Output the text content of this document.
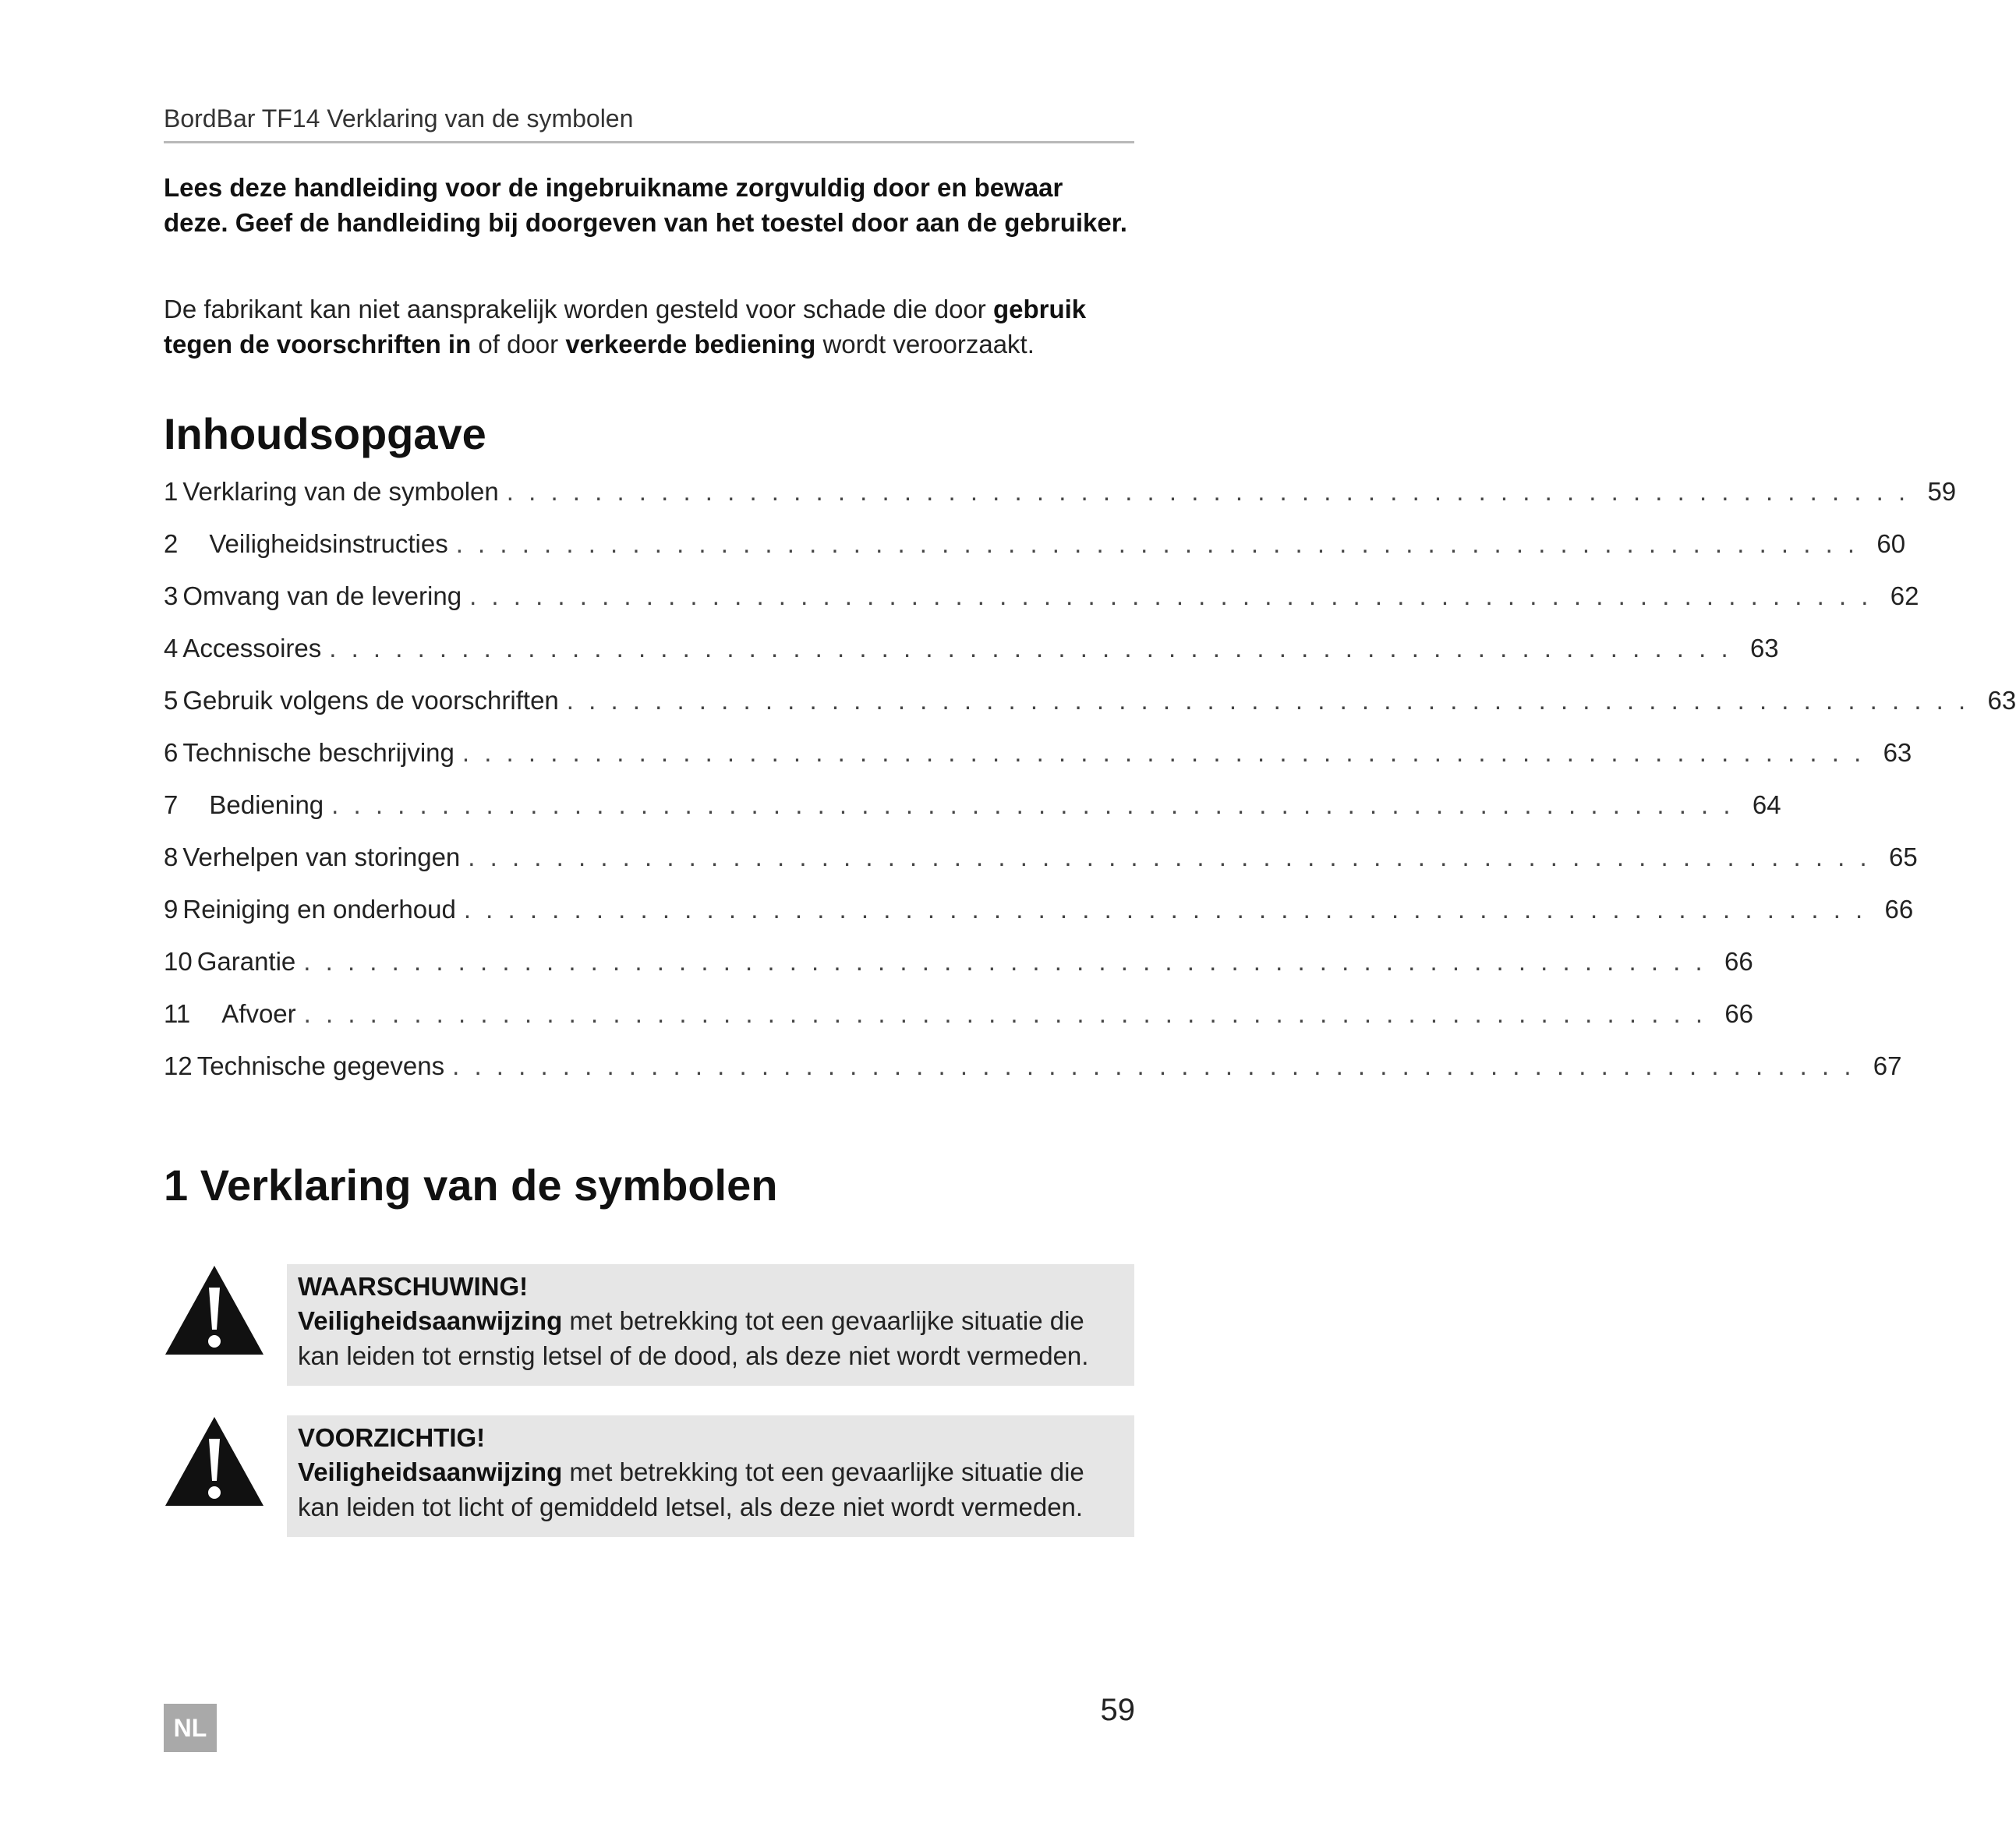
BordBar TF14 Verklaring van de symbolen
Lees deze handleiding voor de ingebruikname zorgvuldig door en bewaar deze. Geef de handleiding bij doorgeven van het toestel door aan de gebruiker.
De fabrikant kan niet aansprakelijk worden gesteld voor schade die door gebruik tegen de voorschriften in of door verkeerde bediening wordt veroorzaakt.
Inhoudsopgave
1 Verklaring van de symbolen . . . . . . . . . . . . . . . . . . . . . . . . . . . . . . . . . . . . . . . . . . . . . . . . . . . . . . . . . . . . . . . . 59
2	Veiligheidsinstructies . . . . . . . . . . . . . . . . . . . . . . . . . . . . . . . . . . . . . . . . . . . . . . . . . . . . . . . . . . . . . . . . 60
3 Omvang van de levering . . . . . . . . . . . . . . . . . . . . . . . . . . . . . . . . . . . . . . . . . . . . . . . . . . . . . . . . . . . . . . . . 62
4 Accessoires . . . . . . . . . . . . . . . . . . . . . . . . . . . . . . . . . . . . . . . . . . . . . . . . . . . . . . . . . . . . . . . . 63
5 Gebruik volgens de voorschriften . . . . . . . . . . . . . . . . . . . . . . . . . . . . . . . . . . . . . . . . . . . . . . . . . . . . . . . . . . . . . . . . 63
6 Technische beschrijving . . . . . . . . . . . . . . . . . . . . . . . . . . . . . . . . . . . . . . . . . . . . . . . . . . . . . . . . . . . . . . . . 63
7	Bediening . . . . . . . . . . . . . . . . . . . . . . . . . . . . . . . . . . . . . . . . . . . . . . . . . . . . . . . . . . . . . . . . 64
8 Verhelpen van storingen . . . . . . . . . . . . . . . . . . . . . . . . . . . . . . . . . . . . . . . . . . . . . . . . . . . . . . . . . . . . . . . . 65
9 Reiniging en onderhoud . . . . . . . . . . . . . . . . . . . . . . . . . . . . . . . . . . . . . . . . . . . . . . . . . . . . . . . . . . . . . . . . 66
10 Garantie . . . . . . . . . . . . . . . . . . . . . . . . . . . . . . . . . . . . . . . . . . . . . . . . . . . . . . . . . . . . . . . . 66
11	Afvoer . . . . . . . . . . . . . . . . . . . . . . . . . . . . . . . . . . . . . . . . . . . . . . . . . . . . . . . . . . . . . . . . 66
12 Technische gegevens . . . . . . . . . . . . . . . . . . . . . . . . . . . . . . . . . . . . . . . . . . . . . . . . . . . . . . . . . . . . . . . . 67
1 Verklaring van de symbolen
WAARSCHUWING!
Veiligheidsaanwijzing met betrekking tot een gevaarlijke situatie die kan leiden tot ernstig letsel of de dood, als deze niet wordt vermeden.
VOORZICHTIG!
Veiligheidsaanwijzing met betrekking tot een gevaarlijke situatie die kan leiden tot licht of gemiddeld letsel, als deze niet wordt vermeden.
NL
59
